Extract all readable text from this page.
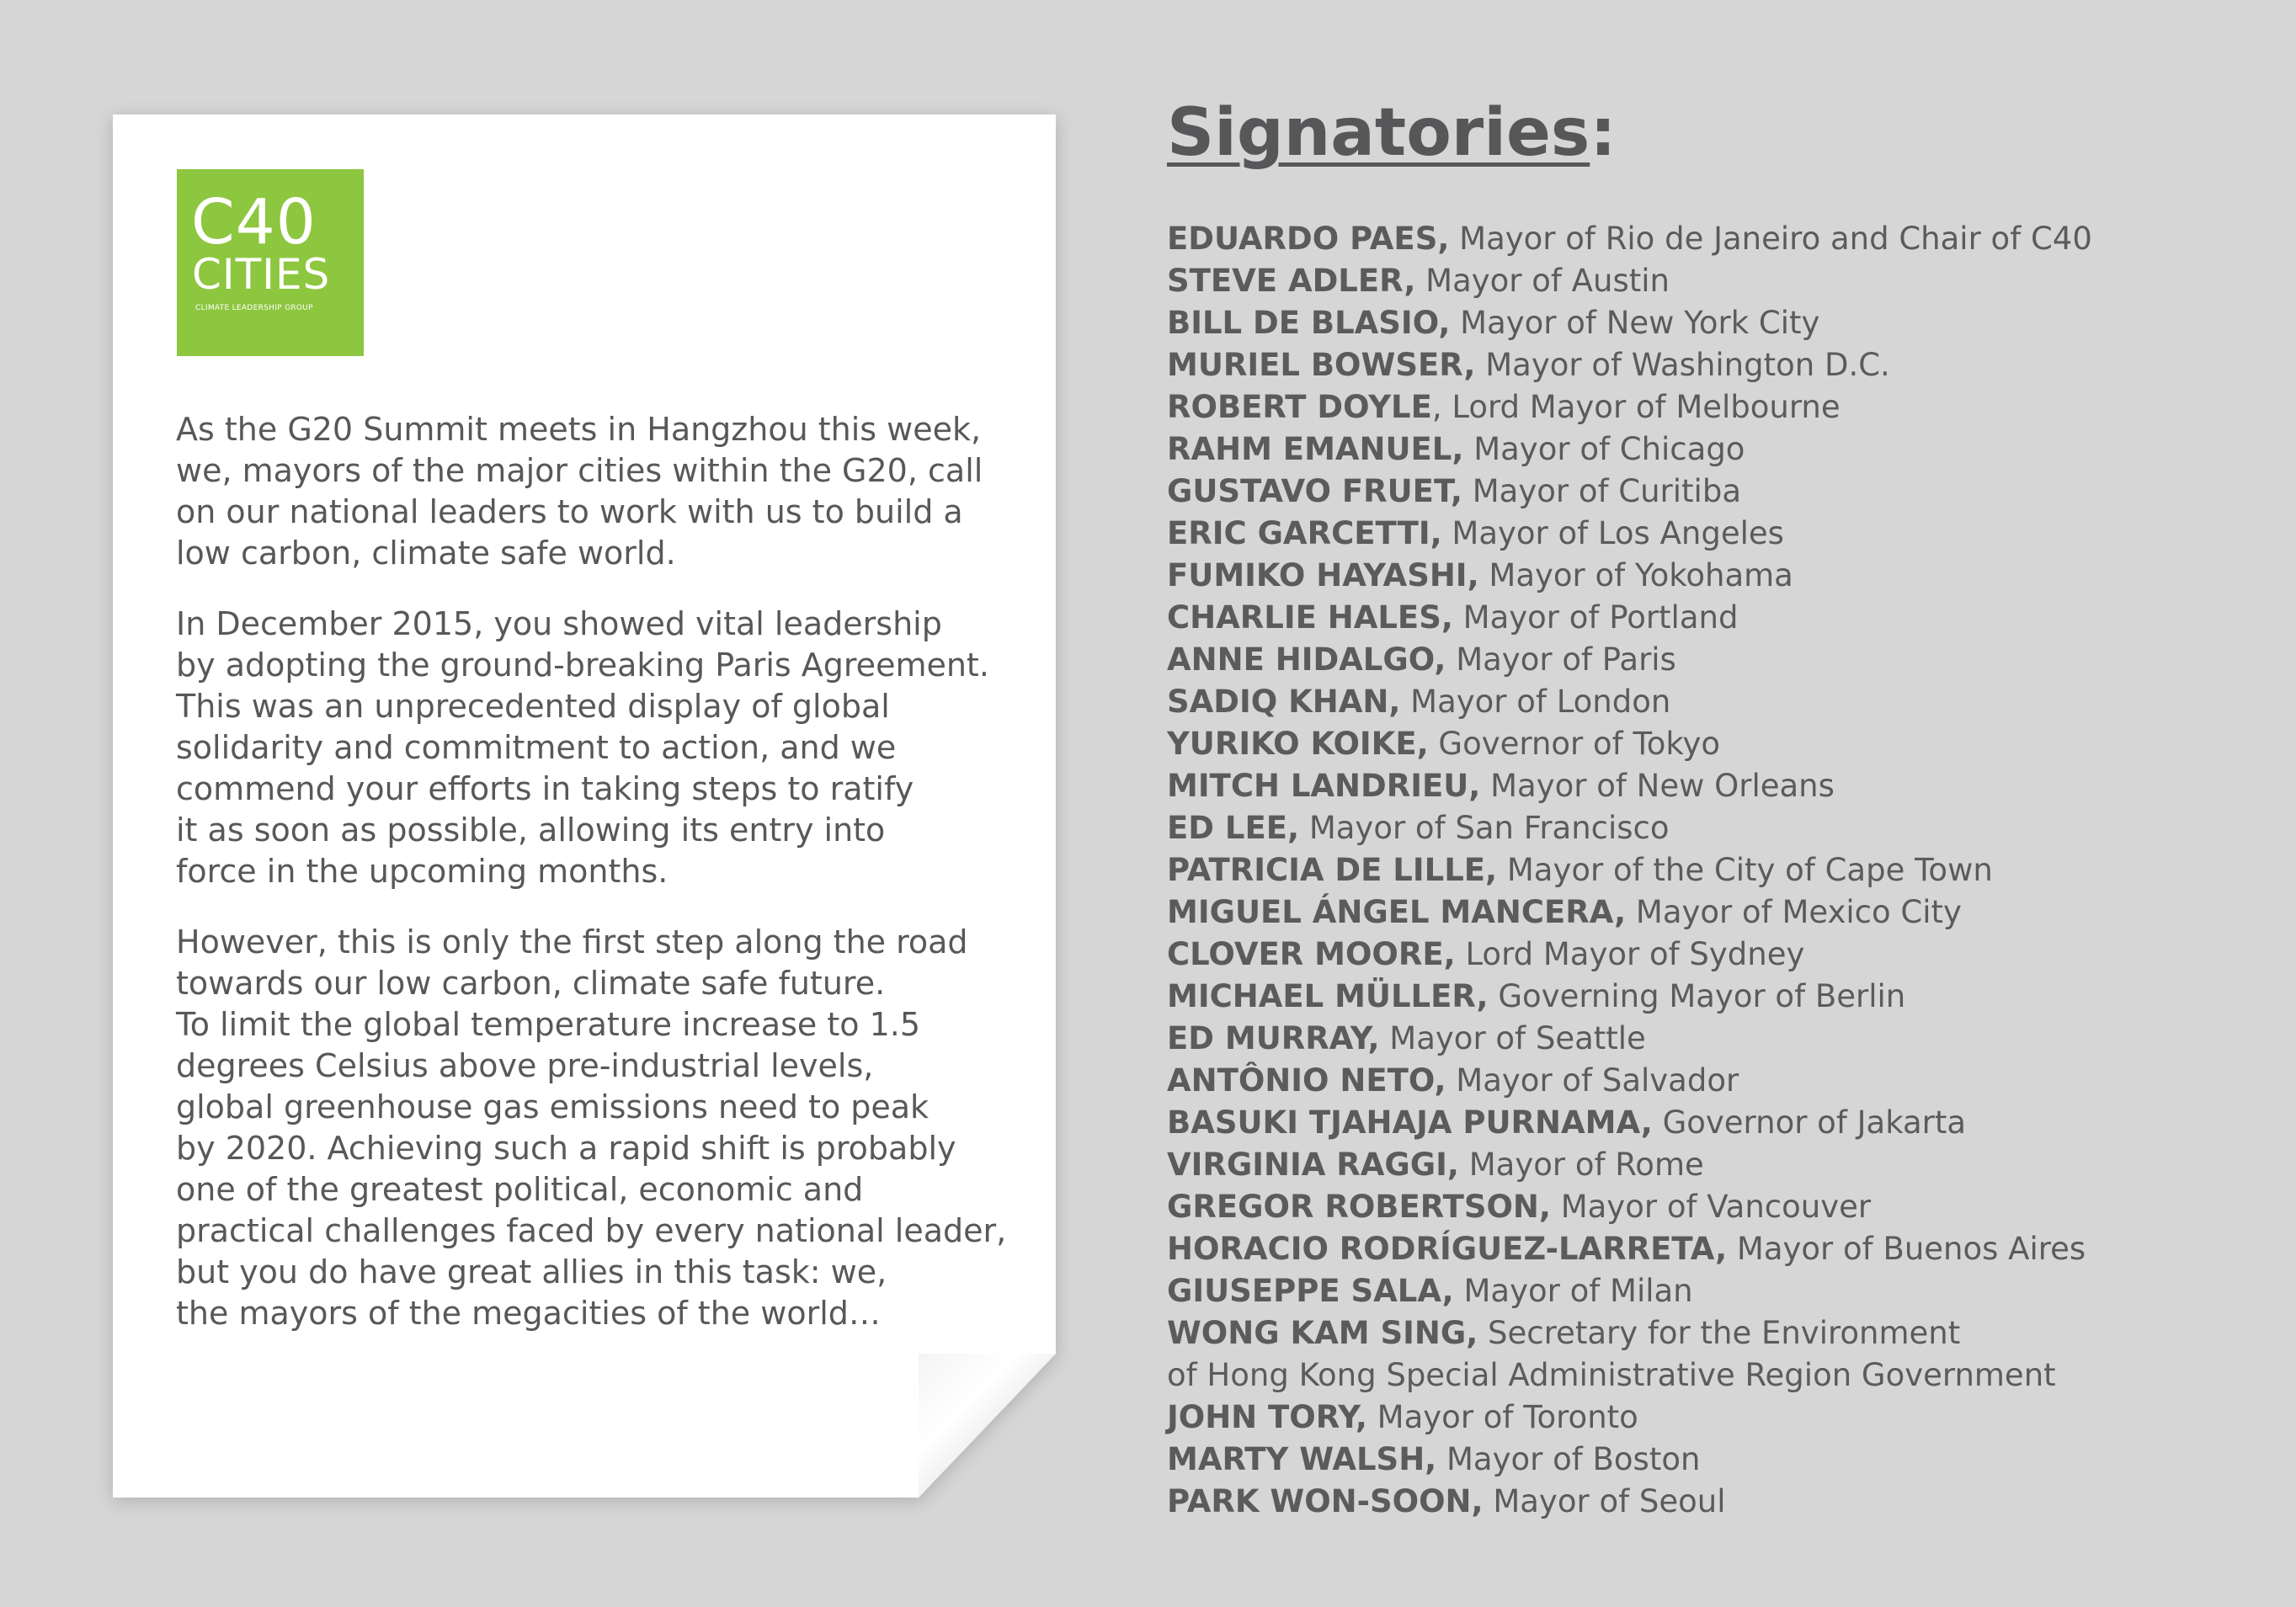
C40
CITIES
CLIMATE LEADERSHIP GROUP

As the G20 Summit meets in Hangzhou this week,
we, mayors of the major cities within the G20, call
on our national leaders to work with us to build a
low carbon, climate safe world.

In December 2015, you showed vital leadership
by adopting the ground-breaking Paris Agreement.
This was an unprecedented display of global
solidarity and commitment to action, and we
commend your efforts in taking steps to ratify
it as soon as possible, allowing its entry into
force in the upcoming months.

However, this is only the first step along the road
towards our low carbon, climate safe future.
To limit the global temperature increase to 1.5
degrees Celsius above pre-industrial levels,
global greenhouse gas emissions need to peak
by 2020. Achieving such a rapid shift is probably
one of the greatest political, economic and
practical challenges faced by every national leader,
but you do have great allies in this task: we,
the mayors of the megacities of the world…

Signatories:
EDUARDO PAES, Mayor of Rio de Janeiro and Chair of C40
STEVE ADLER, Mayor of Austin
BILL DE BLASIO, Mayor of New York City
MURIEL BOWSER, Mayor of Washington D.C.
ROBERT DOYLE, Lord Mayor of Melbourne
RAHM EMANUEL, Mayor of Chicago
GUSTAVO FRUET, Mayor of Curitiba
ERIC GARCETTI, Mayor of Los Angeles
FUMIKO HAYASHI, Mayor of Yokohama
CHARLIE HALES, Mayor of Portland
ANNE HIDALGO, Mayor of Paris
SADIQ KHAN, Mayor of London
YURIKO KOIKE, Governor of Tokyo
MITCH LANDRIEU, Mayor of New Orleans
ED LEE, Mayor of San Francisco
PATRICIA DE LILLE, Mayor of the City of Cape Town
MIGUEL ÁNGEL MANCERA, Mayor of Mexico City
CLOVER MOORE, Lord Mayor of Sydney
MICHAEL MÜLLER, Governing Mayor of Berlin
ED MURRAY, Mayor of Seattle
ANTÔNIO NETO, Mayor of Salvador
BASUKI TJAHAJA PURNAMA, Governor of Jakarta
VIRGINIA RAGGI, Mayor of Rome
GREGOR ROBERTSON, Mayor of Vancouver
HORACIO RODRÍGUEZ-LARRETA, Mayor of Buenos Aires
GIUSEPPE SALA, Mayor of Milan
WONG KAM SING, Secretary for the Environment
of Hong Kong Special Administrative Region Government
JOHN TORY, Mayor of Toronto
MARTY WALSH, Mayor of Boston
PARK WON-SOON, Mayor of Seoul
